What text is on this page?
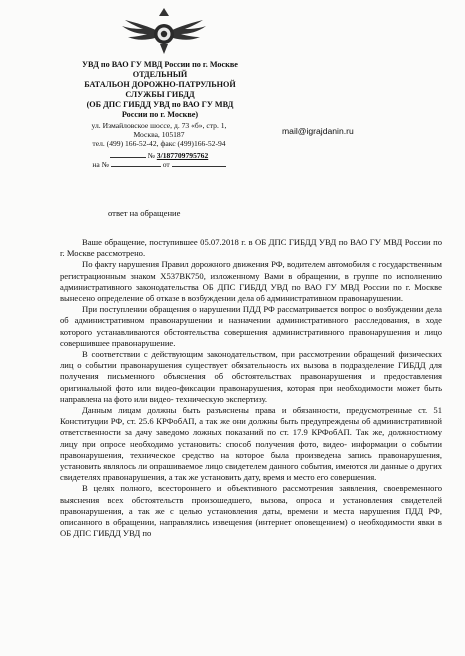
УВД по ВАО ГУ МВД России по г. Москве
ОТДЕЛЬНЫЙ
БАТАЛЬОН ДОРОЖНО-ПАТРУЛЬНОЙ
СЛУЖБЫ ГИБДД
(ОБ ДПС ГИБДД УВД по ВАО ГУ МВД
России по г. Москве)
mail@igrajdanin.ru
ул. Измайловское шоссе, д. 73 «б», стр. 1,
Москва, 105187
тел. (499) 166-52-42, факс (499)166-52-94
№ 3/187709795762
на №	от
ответ на обращение

Ваше обращение, поступившее 05.07.2018 г. в ОБ ДПС ГИБДД УВД по ВАО ГУ МВД России по г. Москве рассмотрено.

По факту нарушения Правил дорожного движения РФ, водителем автомобиля с государственным регистрационным знаком Х537ВК750, изложенному Вами в обращении, в группе по исполнению административного законодательства ОБ ДПС ГИБДД УВД по ВАО ГУ МВД России по г. Москве вынесено определение об отказе в возбуждении дела об административном правонарушении.

При поступлении обращения о нарушении ПДД РФ рассматривается вопрос о возбуждении дела об административном правонарушении и назначении административного расследования, в ходе которого устанавливаются обстоятельства совершения административного правонарушения и лицо совершившее правонарушение.

В соответствии с действующим законодательством, при рассмотрении обращений физических лиц о событии правонарушения существует обязательность их вызова в подразделение ГИБДД для получения письменного объяснения об обстоятельствах правонарушения и предоставления оригинальной фото или видео-фиксации правонарушения, которая при необходимости может быть направлена на фото или видео- техническую экспертизу.

Данным лицам должны быть разъяснены права и обязанности, предусмотренные ст. 51 Конституции РФ, ст. 25.6 КРФобАП, а так же они должны быть предупреждены об административной ответственности за дачу заведомо ложных показаний по ст. 17.9 КРФобАП. Так же, должностному лицу при опросе необходимо установить: способ получения фото, видео- информации о событии правонарушения, техническое средство на которое была произведена запись правонарушения, установить являлось ли опрашиваемое лицо свидетелем данного события, имеются ли данные о других свидетелях правонарушения, а так же установить дату, время и место его совершения.

В целях полного, всестороннего и объективного рассмотрения заявления, своевременного выяснения всех обстоятельств произошедшего, вызова, опроса и установления свидетелей правонарушения, а так же с целью установления даты, времени и места нарушения ПДД РФ, описанного в обращении, направлялись извещения (интернет оповещением) о необходимости явки в ОБ ДПС ГИБДД УВД по
